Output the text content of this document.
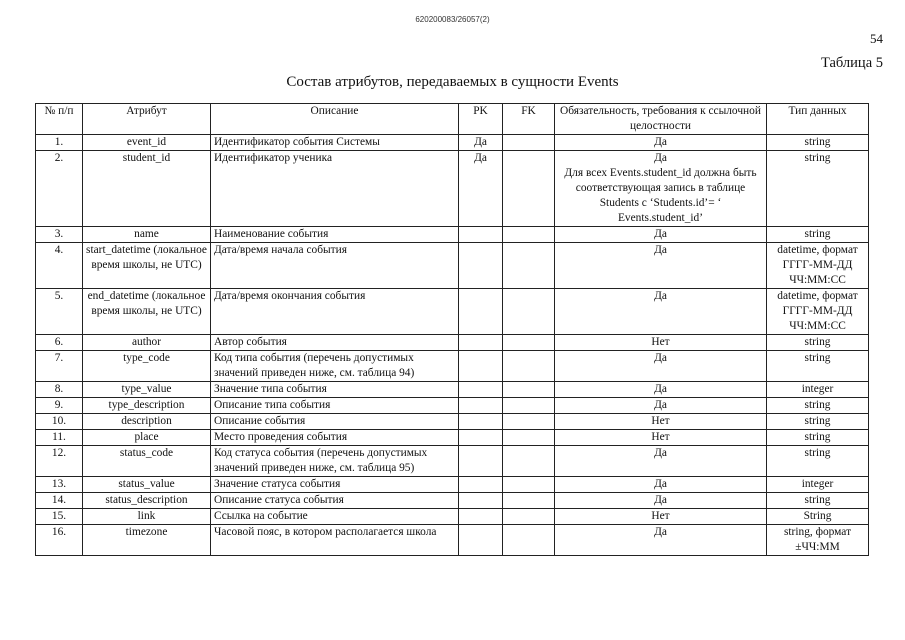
620200083/26057(2)
54
Таблица 5
Состав атрибутов, передаваемых в сущности Events
№ п/п	Атрибут	Описание	PK	FK	Обязательность, требования к ссылочной целостности	Тип данных
1.	event_id	Идентификатор события Системы	Да		Да	string
2.	student_id	Идентификатор ученика	Да		Да
Для всех Events.student_id должна быть соответствующая запись в таблице Students с ‘Students.id’= ‘ Events.student_id’	string
3.	name	Наименование события			Да	string
4.	start_datetime (локальное время школы, не UTC)	Дата/время начала события			Да	datetime, формат ГГГГ-ММ-ДД ЧЧ:ММ:СС
5.	end_datetime (локальное время школы, не UTC)	Дата/время окончания события			Да	datetime, формат ГГГГ-ММ-ДД ЧЧ:ММ:СС
6.	author	Автор события			Нет	string
7.	type_code	Код типа события (перечень допустимых значений приведен ниже, см. таблица 94)			Да	string
8.	type_value	Значение типа события			Да	integer
9.	type_description	Описание типа события			Да	string
10.	description	Описание события			Нет	string
11.	place	Место проведения события			Нет	string
12.	status_code	Код статуса события (перечень допустимых значений приведен ниже, см. таблица 95)			Да	string
13.	status_value	Значение статуса события			Да	integer
14.	status_description	Описание статуса события			Да	string
15.	link	Ссылка на событие			Нет	String
16.	timezone	Часовой пояс, в котором располагается школа			Да	string, формат ±ЧЧ:ММ
